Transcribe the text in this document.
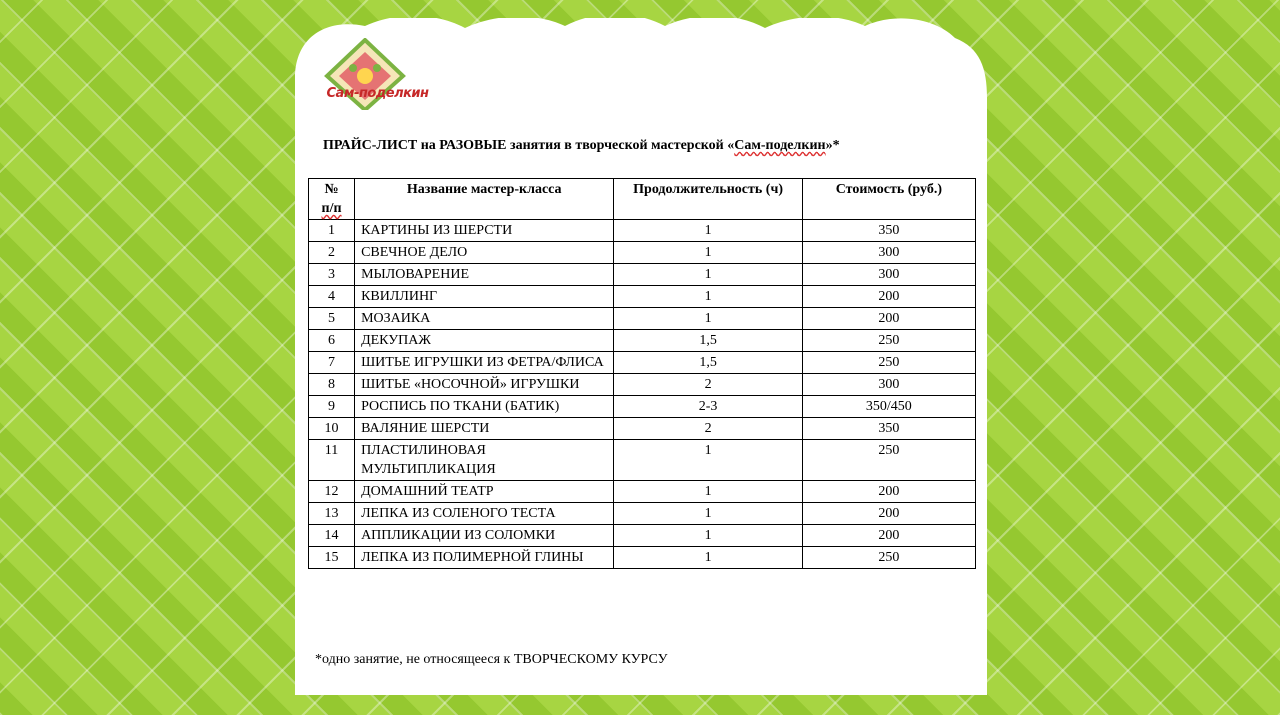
Сам-поделкин
ПРАЙС-ЛИСТ на РАЗОВЫЕ занятия в творческой мастерской «Сам-поделкин»*
№
п/п	Название мастер-класса	Продолжительность (ч)	Стоимость (руб.)
1	КАРТИНЫ ИЗ ШЕРСТИ	1	350
2	СВЕЧНОЕ ДЕЛО	1	300
3	МЫЛОВАРЕНИЕ	1	300
4	КВИЛЛИНГ	1	200
5	МОЗАИКА	1	200
6	ДЕКУПАЖ	1,5	250
7	ШИТЬЕ ИГРУШКИ ИЗ ФЕТРА/ФЛИСА	1,5	250
8	ШИТЬЕ «НОСОЧНОЙ» ИГРУШКИ	2	300
9	РОСПИСЬ ПО ТКАНИ (БАТИК)	2-3	350/450
10	ВАЛЯНИЕ ШЕРСТИ	2	350
11	ПЛАСТИЛИНОВАЯ МУЛЬТИПЛИКАЦИЯ	1	250
12	ДОМАШНИЙ ТЕАТР	1	200
13	ЛЕПКА ИЗ СОЛЕНОГО ТЕСТА	1	200
14	АППЛИКАЦИИ ИЗ СОЛОМКИ	1	200
15	ЛЕПКА ИЗ ПОЛИМЕРНОЙ ГЛИНЫ	1	250
*одно занятие, не относящееся к ТВОРЧЕСКОМУ КУРСУ
